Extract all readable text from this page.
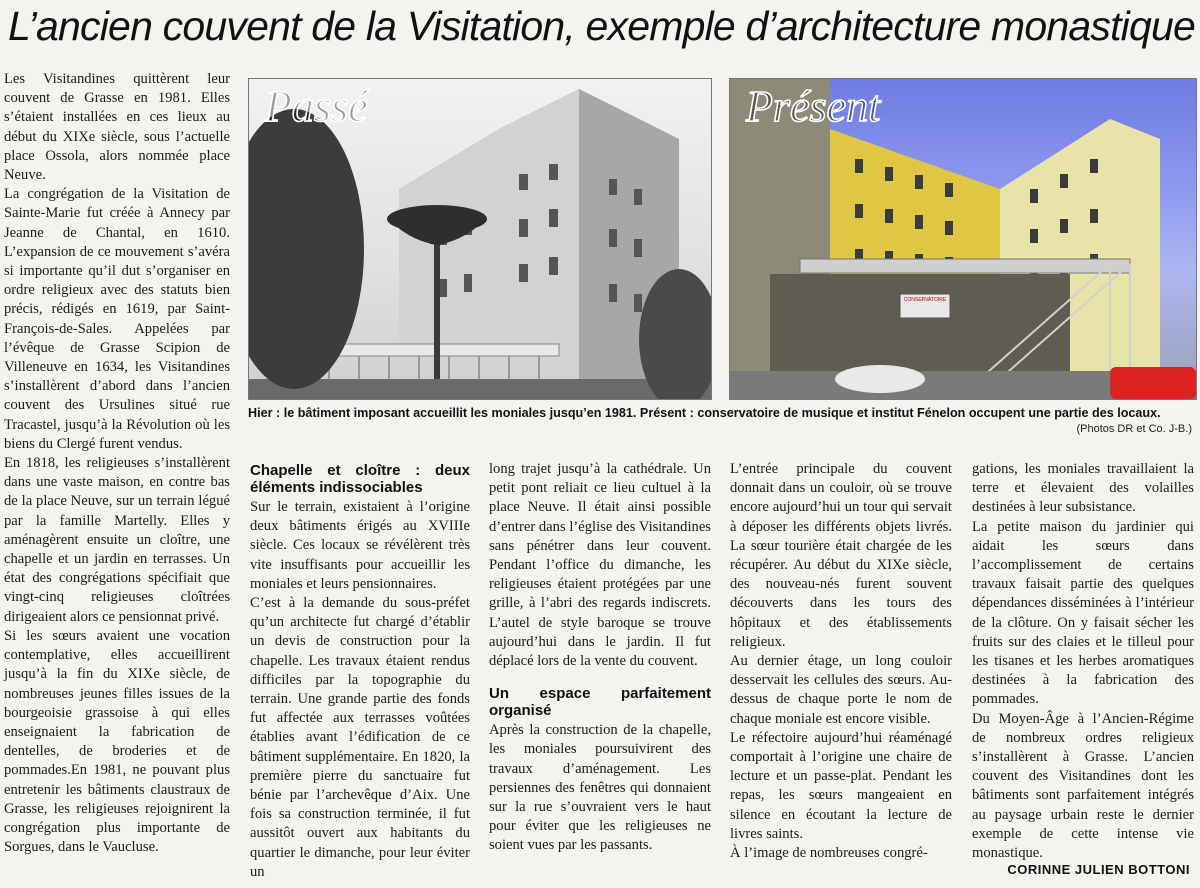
L’ancien couvent de la Visitation, exemple d’architecture monastique

Les Visitandines quittèrent leur couvent de Grasse en 1981. Elles s’étaient installées en ces lieux au début du XIXe siècle, sous l’actuelle place Ossola, alors nommée place Neuve.

La congrégation de la Visitation de Sainte-Marie fut créée à Annecy par Jeanne de Chantal, en 1610. L’expansion de ce mouvement s’avéra si importante qu’il dut s’organiser en ordre religieux avec des statuts bien précis, rédigés en 1619, par Saint-François-de-Sales. Appelées par l’évêque de Grasse Scipion de Villeneuve en 1634, les Visitandines s’installèrent d’abord dans l’ancien couvent des Ursulines situé rue Tracastel, jusqu’à la Révolution où les biens du Clergé furent vendus.

En 1818, les religieuses s’installèrent dans une vaste maison, en contre bas de la place Neuve, sur un terrain légué par la famille Martelly. Elles y aménagèrent ensuite un cloître, une chapelle et un jardin en terrasses. Un état des congrégations spécifiait que vingt-cinq religieuses cloîtrées dirigeaient alors ce pensionnat privé.

Si les sœurs avaient une vocation contemplative, elles accueillirent jusqu’à la fin du XIXe siècle, de nombreuses jeunes filles issues de la bourgeoisie grassoise à qui elles enseignaient la fabrication de dentelles, de broderies et de pommades.En 1981, ne pouvant plus entretenir les bâtiments claustraux de Grasse, les religieuses rejoignirent la congrégation plus importante de Sorgues, dans le Vaucluse.

Passé	Présent
CONSERVATOIRE
Hier : le bâtiment imposant accueillit les moniales jusqu’en 1981. Présent : conservatoire de musique et institut Fénelon occupent une partie des locaux.
(Photos DR et Co. J-B.)
Chapelle et cloître : deux éléments indissociables

Sur le terrain, existaient à l’origine deux bâtiments érigés au XVIIIe siècle. Ces locaux se révélèrent très vite insuffisants pour accueillir les moniales et leurs pensionnaires.

C’est à la demande du sous-préfet qu’un architecte fut chargé d’établir un devis de construction pour la chapelle. Les travaux étaient rendus difficiles par la topographie du terrain. Une grande partie des fonds fut affectée aux terrasses voûtées établies avant l’édification de ce bâtiment supplémentaire. En 1820, la première pierre du sanctuaire fut bénie par l’archevêque d’Aix. Une fois sa construction terminée, il fut aussitôt ouvert aux habitants du quartier le dimanche, pour leur éviter un

long trajet jusqu’à la cathédrale. Un petit pont reliait ce lieu cultuel à la place Neuve. Il était ainsi possible d’entrer dans l’église des Visitandines sans pénétrer dans leur couvent. Pendant l’office du dimanche, les religieuses étaient protégées par une grille, à l’abri des regards indiscrets. L’autel de style baroque se trouve aujourd’hui dans le jardin. Il fut déplacé lors de la vente du couvent.

Un espace parfaitement organisé

Après la construction de la chapelle, les moniales poursuivirent des travaux d’aménagement. Les persiennes des fenêtres qui donnaient sur la rue s’ouvraient vers le haut pour éviter que les religieuses ne soient vues par les passants.

L’entrée principale du couvent donnait dans un couloir, où se trouve encore aujourd’hui un tour qui servait à déposer les différents objets livrés. La sœur tourière était chargée de les récupérer. Au début du XIXe siècle, des nouveau-nés furent souvent découverts dans les tours des hôpitaux et des établissements religieux.

Au dernier étage, un long couloir desservait les cellules des sœurs. Au-dessus de chaque porte le nom de chaque moniale est encore visible.

Le réfectoire aujourd’hui réaménagé comportait à l’origine une chaire de lecture et un passe-plat. Pendant les repas, les sœurs mangeaient en silence en écoutant la lecture de livres saints.

À l’image de nombreuses congré-

gations, les moniales travaillaient la terre et élevaient des volailles destinées à leur subsistance.

La petite maison du jardinier qui aidait les sœurs dans l’accomplissement de certains travaux faisait partie des quelques dépendances disséminées à l’intérieur de la clôture. On y faisait sécher les fruits sur des claies et le tilleul pour les tisanes et les herbes aromatiques destinées à la fabrication des pommades.

Du Moyen-Âge à l’Ancien-Régime de nombreux ordres religieux s’installèrent à Grasse. L’ancien couvent des Visitandines dont les bâtiments sont parfaitement intégrés au paysage urbain reste le dernier exemple de cette intense vie monastique.

CORINNE JULIEN BOTTONI
